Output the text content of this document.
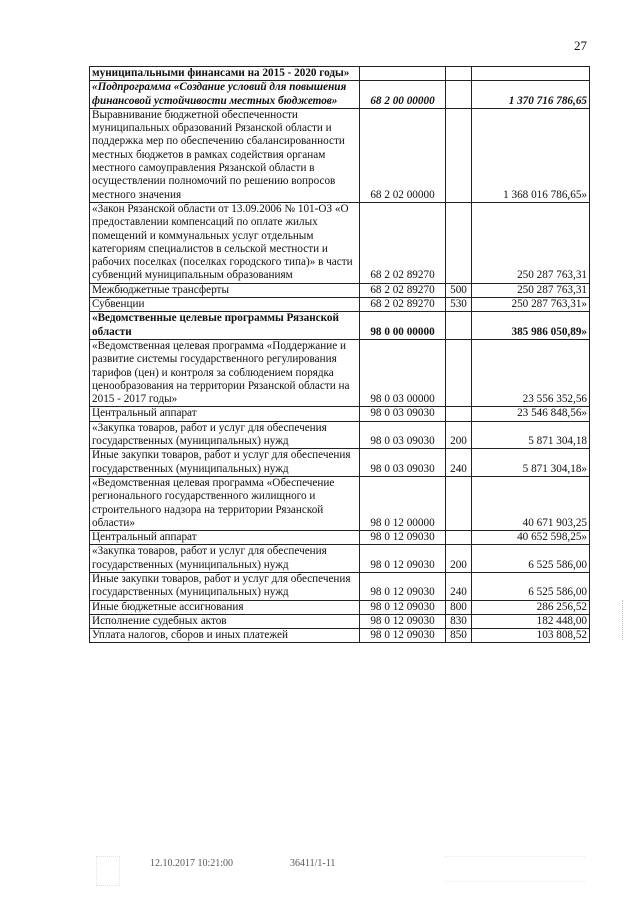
27
муниципальными финансами на 2015 - 2020 годы»			
«Подпрограмма «Создание условий для повышения финансовой устойчивости местных бюджетов»	68 2 00 00000		1 370 716 786,65
Выравнивание бюджетной обеспеченности муниципальных образований Рязанской области и поддержка мер по обеспечению сбалансированности местных бюджетов в рамках содействия органам местного самоуправления Рязанской области в осуществлении полномочий по решению вопросов местного значения	68 2 02 00000		1 368 016 786,65»
«Закон Рязанской области от 13.09.2006 № 101-ОЗ «О предоставлении компенсаций по оплате жилых помещений и коммунальных услуг отдельным категориям специалистов в сельской местности и рабочих поселках (поселках городского типа)» в части субвенций муниципальным образованиям	68 2 02 89270		250 287 763,31
Межбюджетные трансферты	68 2 02 89270	500	250 287 763,31
Субвенции	68 2 02 89270	530	250 287 763,31»
«Ведомственные целевые программы Рязанской области	98 0 00 00000		385 986 050,89»
«Ведомственная целевая программа «Поддержание и развитие системы государственного регулирования тарифов (цен) и контроля за соблюдением порядка ценообразования на территории Рязанской области на 2015 - 2017 годы»	98 0 03 00000		23 556 352,56
Центральный аппарат	98 0 03 09030		23 546 848,56»
«Закупка товаров, работ и услуг для обеспечения государственных (муниципальных) нужд	98 0 03 09030	200	5 871 304,18
Иные закупки товаров, работ и услуг для обеспечения государственных (муниципальных) нужд	98 0 03 09030	240	5 871 304,18»
«Ведомственная целевая программа «Обеспечение регионального государственного жилищного и строительного надзора на территории Рязанской области»	98 0 12 00000		40 671 903,25
Центральный аппарат	98 0 12 09030		40 652 598,25»
«Закупка товаров, работ и услуг для обеспечения государственных (муниципальных) нужд	98 0 12 09030	200	6 525 586,00
Иные закупки товаров, работ и услуг для обеспечения государственных (муниципальных) нужд	98 0 12 09030	240	6 525 586,00
Иные бюджетные ассигнования	98 0 12 09030	800	286 256,52
Исполнение судебных актов	98 0 12 09030	830	182 448,00
Уплата налогов, сборов и иных платежей	98 0 12 09030	850	103 808,52
12.10.2017 10:21:00	36411/1-11
